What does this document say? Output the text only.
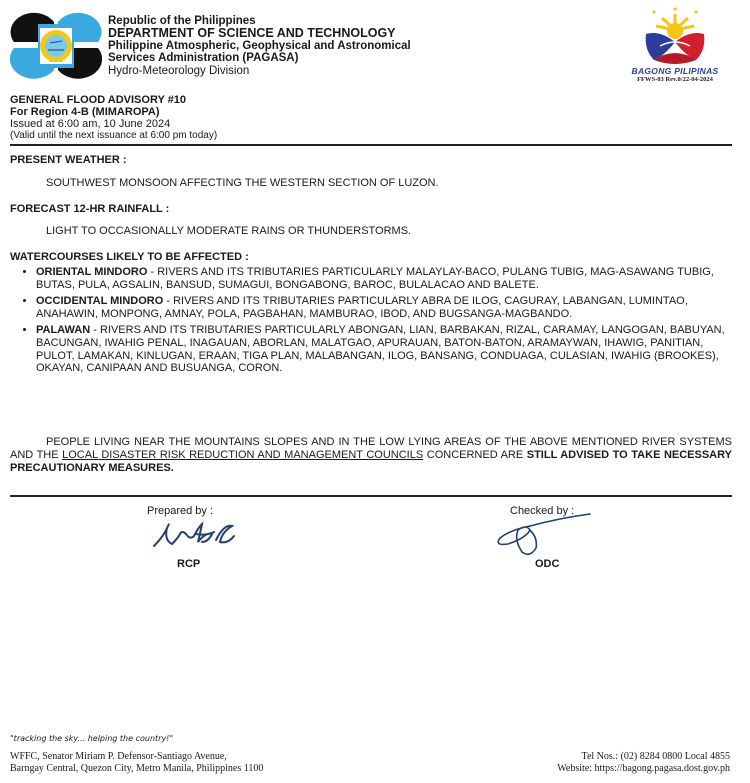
Republic of the Philippines
DEPARTMENT OF SCIENCE AND TECHNOLOGY
Philippine Atmospheric, Geophysical and Astronomical
Services Administration (PAGASA)
Hydro-Meteorology Division	BAGONG PILIPINAS
FFWS-03 Rev.0/22-04-2024
GENERAL FLOOD ADVISORY #10
For Region 4-B (MIMAROPA)
Issued at 6:00 am, 10 June 2024
(Valid until the next issuance at 6:00 pm today)
PRESENT WEATHER :
SOUTHWEST MONSOON AFFECTING THE WESTERN SECTION OF LUZON.
FORECAST 12-HR RAINFALL :
LIGHT TO OCCASIONALLY MODERATE RAINS OR THUNDERSTORMS.
WATERCOURSES LIKELY TO BE AFFECTED :
• ORIENTAL MINDORO - RIVERS AND ITS TRIBUTARIES PARTICULARLY MALAYLAY-BACO, PULANG TUBIG, MAG-ASAWANG TUBIG, BUTAS, PULA, AGSALIN, BANSUD, SUMAGUI, BONGABONG, BAROC, BULALACAO AND BALETE.
• OCCIDENTAL MINDORO - RIVERS AND ITS TRIBUTARIES PARTICULARLY ABRA DE ILOG, CAGURAY, LABANGAN, LUMINTAO, ANAHAWIN, MONPONG, AMNAY, POLA, PAGBAHAN, MAMBURAO, IBOD, AND BUGSANGA-MAGBANDO.
• PALAWAN - RIVERS AND ITS TRIBUTARIES PARTICULARLY ABONGAN, LIAN, BARBAKAN, RIZAL, CARAMAY, LANGOGAN, BABUYAN, BACUNGAN, IWAHIG PENAL, INAGAUAN, ABORLAN, MALATGAO, APURAUAN, BATON-BATON, ARAMAYWAN, IHAWIG, PANITIAN, PULOT, LAMAKAN, KINLUGAN, ERAAN, TIGA PLAN, MALABANGAN, ILOG, BANSANG, CONDUAGA, CULASIAN, IWAHIG (BROOKES), OKAYAN, CANIPAAN AND BUSUANGA, CORON.
PEOPLE LIVING NEAR THE MOUNTAINS SLOPES AND IN THE LOW LYING AREAS OF THE ABOVE MENTIONED RIVER SYSTEMS AND THE LOCAL DISASTER RISK REDUCTION AND MANAGEMENT COUNCILS CONCERNED ARE STILL ADVISED TO TAKE NECESSARY PRECAUTIONARY MEASURES.
Prepared by :
RCP
Checked by :
ODC
"tracking the sky... helping the country!"
WFFC, Senator Miriam P. Defensor-Santiago Avenue,
Barngay Central, Quezon City, Metro Manila, Philippines 1100
Tel Nos.: (02) 8284 0800 Local 4855
Website: https://bagong.pagasa.dost.gov.ph
